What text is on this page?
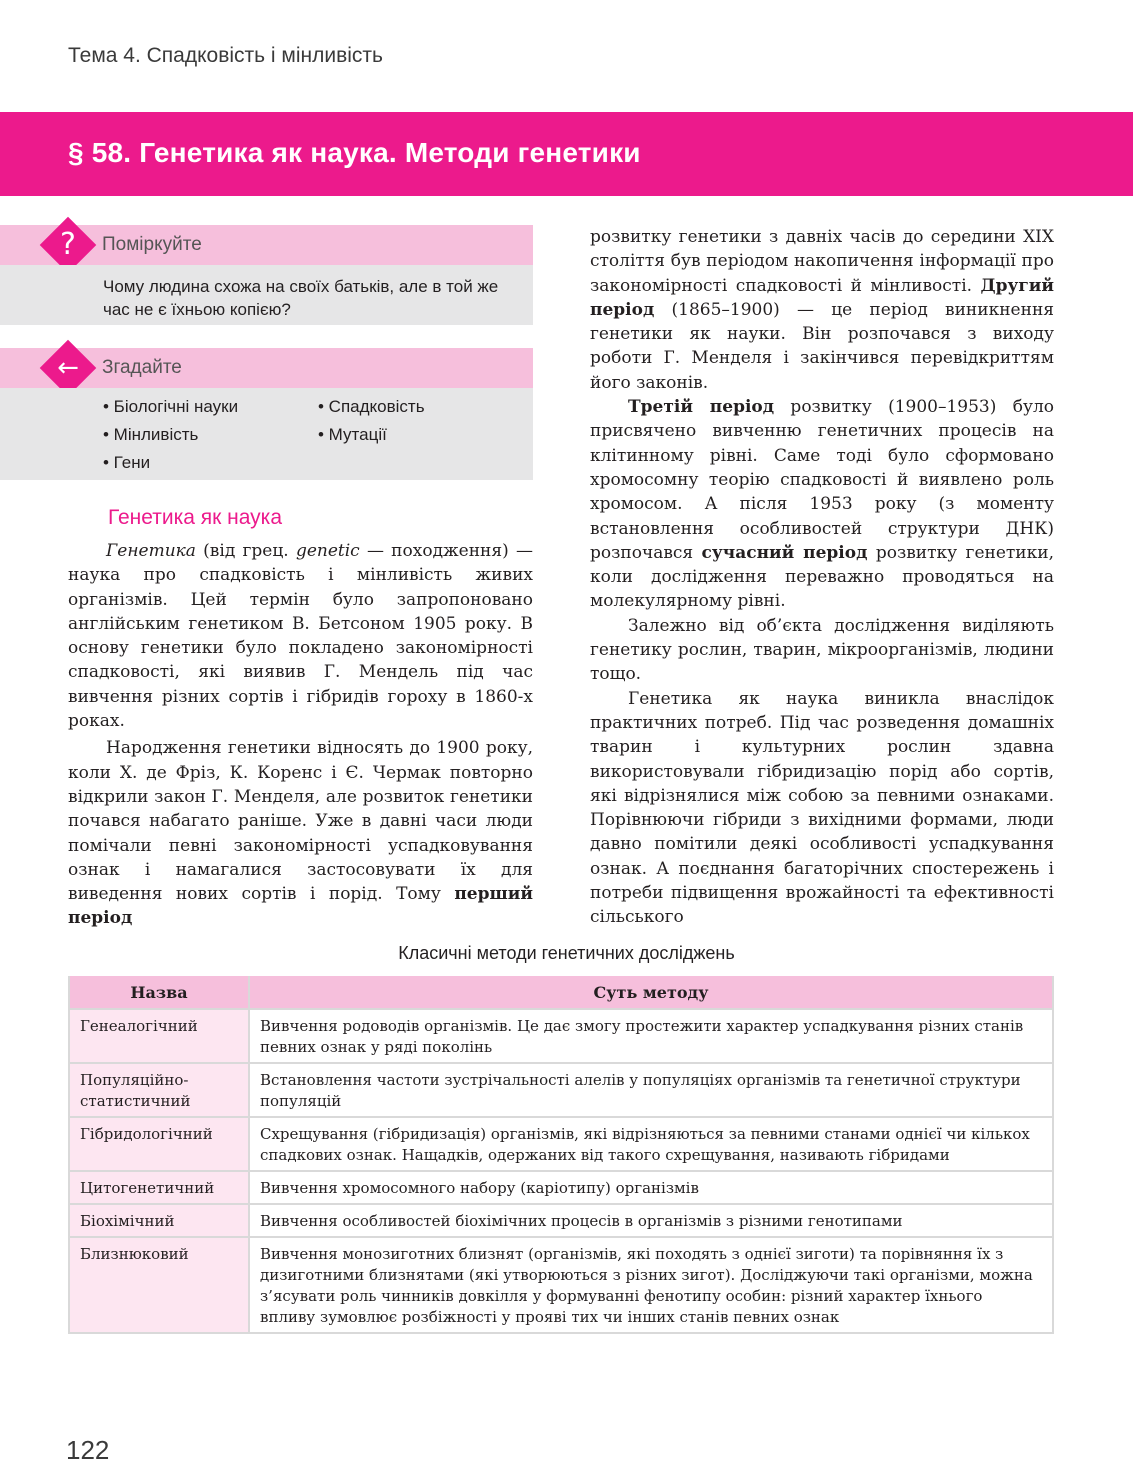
Тема 4. Спадковість і мінливість
§ 58. Генетика як наука. Методи генетики
Поміркуйте
?
Чому людина схожа на своїх батьків, але в той же час не є їхньою копією?
Згадайте
←
• Біологічні науки	• Спадковість
• Мінливість	• Мутації
• Гени
Генетика як наука

Генетика (від грец. genetic — походження) — наука про спадковість і мінливість живих організмів. Цей термін було запропоновано англійським генетиком В. Бетсоном 1905 року. В основу генетики було покладено закономірності спадковості, які виявив Г. Мендель під час вивчення різних сортів і гібридів гороху в 1860-х роках.

Народження генетики відносять до 1900 року, коли Х. де Фріз, К. Коренс і Є. Чермак повторно відкрили закон Г. Менделя, але розвиток генетики почався набагато раніше. Уже в давні часи люди помічали певні закономірності успадковування ознак і намагалися застосовувати їх для виведення нових сортів і порід. Тому перший період

розвитку генетики з давніх часів до середини XIX століття був періодом накопичення інформації про закономірності спадковості й мінливості. Другий період (1865–1900) — це період виникнення генетики як науки. Він розпочався з виходу роботи Г. Менделя і закінчився перевідкриттям його законів.

Третій період розвитку (1900–1953) було присвячено вивченню генетичних процесів на клітинному рівні. Саме тоді було сформовано хромосомну теорію спадковості й виявлено роль хромосом. А після 1953 року (з моменту встановлення особливостей структури ДНК) розпочався сучасний період розвитку генетики, коли дослідження переважно проводяться на молекулярному рівні.

Залежно від об’єкта дослідження виділяють генетику рослин, тварин, мікроорганізмів, людини тощо.

Генетика як наука виникла внаслідок практичних потреб. Під час розведення домашніх тварин і культурних рослин здавна використовували гібридизацію порід або сортів, які відрізнялися між собою за певними ознаками. Порівнюючи гібриди з вихідними формами, люди давно помітили деякі особливості успадкування ознак. А поєднання багаторічних спостережень і потреби підвищення врожайності та ефективності сільського

Класичні методи генетичних досліджень
Назва	Суть методу
Генеалогічний	Вивчення родоводів організмів. Це дає змогу простежити характер успадкування різних станів певних ознак у ряді поколінь
Популяційно-статистичний	Встановлення частоти зустрічальності алелів у популяціях організмів та генетичної структури популяцій
Гібридологічний	Схрещування (гібридизація) організмів, які відрізняються за певними станами однієї чи кількох спадкових ознак. Нащадків, одержаних від такого схрещування, називають гібридами
Цитогенетичний	Вивчення хромосомного набору (каріотипу) організмів
Біохімічний	Вивчення особливостей біохімічних процесів в організмів з різними генотипами
Близнюковий	Вивчення монозиготних близнят (організмів, які походять з однієї зиготи) та порівняння їх з дизиготними близнятами (які утворюються з різних зигот). Досліджуючи такі організми, можна з’ясувати роль чинників довкілля у формуванні фенотипу особин: різний характер їхнього впливу зумовлює розбіжності у прояві тих чи інших станів певних ознак
122
